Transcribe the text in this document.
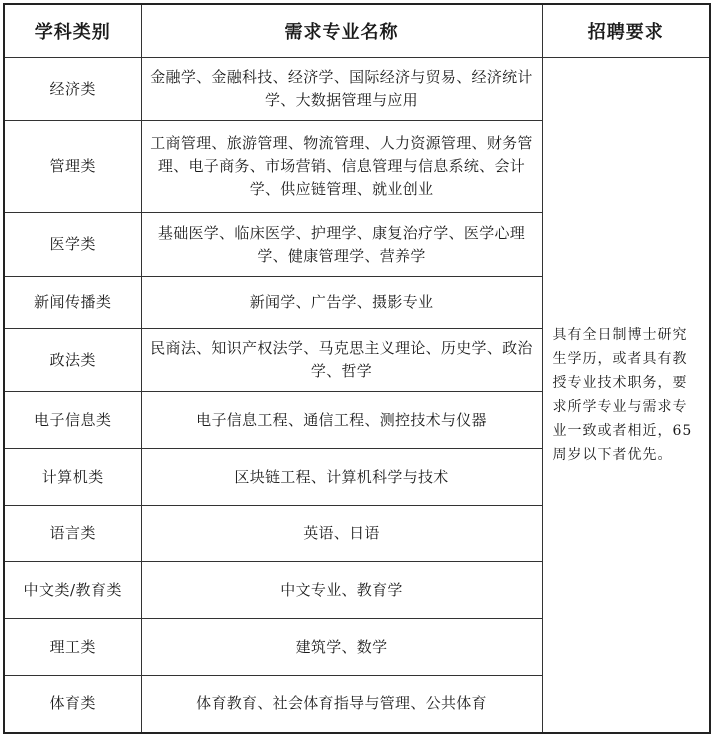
学科类别	需求专业名称	招聘要求
经济类	金融学、金融科技、经济学、国际经济与贸易、经济统计学、大数据管理与应用	具有全日制博士研究生学历，或者具有教授专业技术职务，要求所学专业与需求专业一致或者相近，65周岁以下者优先。
管理类	工商管理、旅游管理、物流管理、人力资源管理、财务管理、电子商务、市场营销、信息管理与信息系统、会计学、供应链管理、就业创业	
医学类	基础医学、临床医学、护理学、康复治疗学、医学心理学、健康管理学、营养学	
新闻传播类	新闻学、广告学、摄影专业	
政法类	民商法、知识产权法学、马克思主义理论、历史学、政治学、哲学	
电子信息类	电子信息工程、通信工程、测控技术与仪器	
计算机类	区块链工程、计算机科学与技术	
语言类	英语、日语	
中文类/教育类	中文专业、教育学	
理工类	建筑学、数学	
体育类	体育教育、社会体育指导与管理、公共体育	
